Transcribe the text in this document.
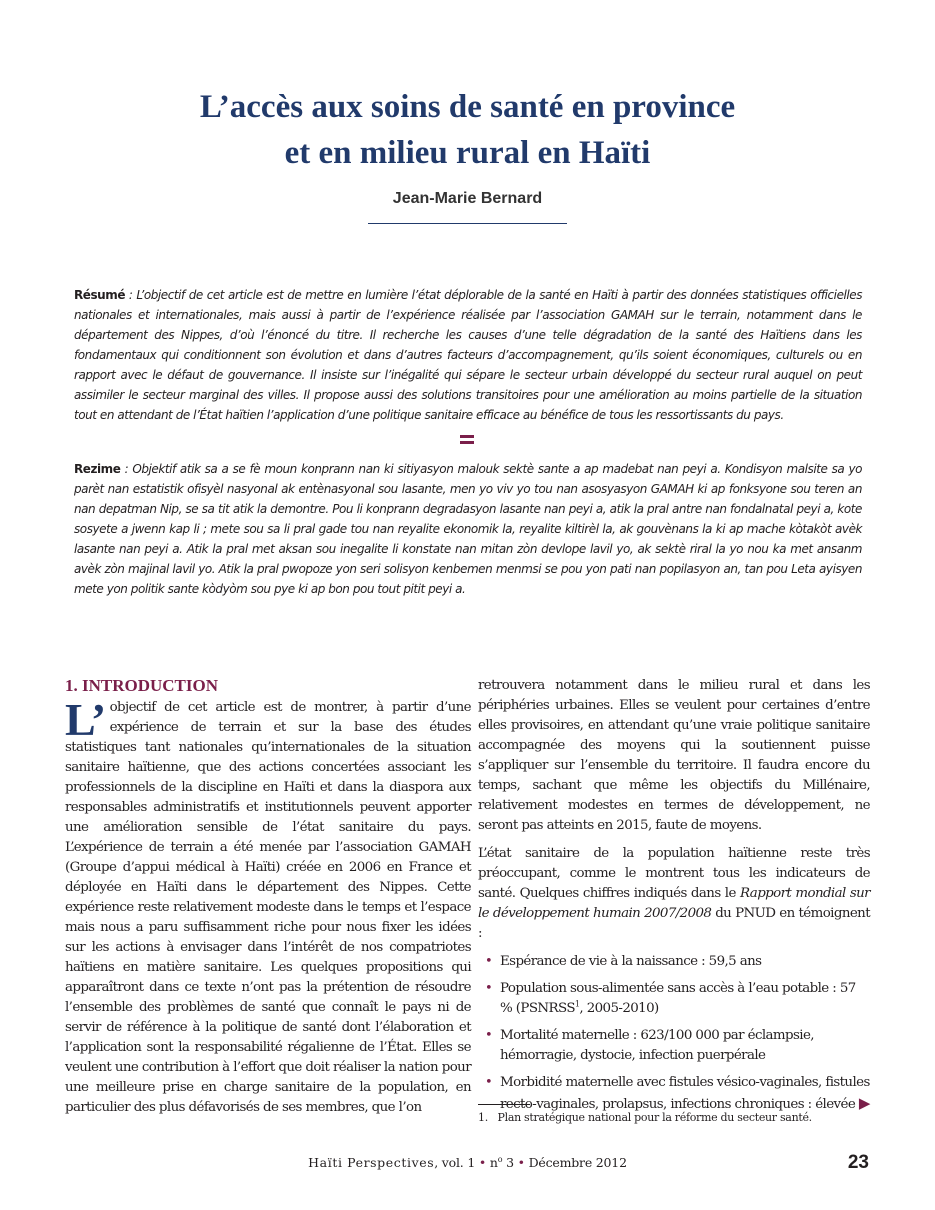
L’accès aux soins de santé en province
et en milieu rural en Haïti
Jean-Marie Bernard

Résumé : L’objectif de cet article est de mettre en lumière l’état déplorable de la santé en Haïti à partir des données statistiques officielles nationales et internationales, mais aussi à partir de l’expérience réalisée par l’association GAMAH sur le terrain, notamment dans le département des Nippes, d’où l’énoncé du titre. Il recherche les causes d’une telle dégradation de la santé des Haïtiens dans les fondamentaux qui conditionnent son évolution et dans d’autres facteurs d’accompagnement, qu’ils soient économiques, culturels ou en rapport avec le défaut de gouvernance. Il insiste sur l’inégalité qui sépare le secteur urbain développé du secteur rural auquel on peut assimiler le secteur marginal des villes. Il propose aussi des solutions transitoires pour une amélioration au moins partielle de la situation tout en attendant de l’État haïtien l’application d’une politique sanitaire efficace au bénéfice de tous les ressortissants du pays.

Rezime : Objektif atik sa a se fè moun konprann nan ki sitiyasyon malouk sektè sante a ap madebat nan peyi a. Kondisyon malsite sa yo parèt nan estatistik ofisyèl nasyonal ak entènasyonal sou lasante, men yo viv yo tou nan asosyasyon GAMAH ki ap fonksyone sou teren an nan depatman Nip, se sa tit atik la demontre. Pou li konprann degradasyon lasante nan peyi a, atik la pral antre nan fondalnatal peyi a, kote sosyete a jwenn kap li ; mete sou sa li pral gade tou nan reyalite ekonomik la, reyalite kiltirèl la, ak gouvènans la ki ap mache kòtakòt avèk lasante nan peyi a. Atik la pral met aksan sou inegalite li konstate nan mitan zòn devlope lavil yo, ak sektè riral la yo nou ka met ansanm avèk zòn majinal lavil yo. Atik la pral pwopoze yon seri solisyon kenbemen menmsi se pou yon pati nan popilasyon an, tan pou Leta ayisyen mete yon politik sante kòdyòm sou pye ki ap bon pou tout pitit peyi a.

1. INTRODUCTION

L’ objectif de cet article est de montrer, à partir d’une expérience de terrain et sur la base des études statistiques tant nationales qu’internationales de la situation sanitaire haïtienne, que des actions concertées associant les professionnels de la discipline en Haïti et dans la diaspora aux responsables administratifs et institutionnels peuvent apporter une amélioration sensible de l’état sanitaire du pays. L’expérience de terrain a été menée par l’association GAMAH (Groupe d’appui médical à Haïti) créée en 2006 en France et déployée en Haïti dans le département des Nippes. Cette expérience reste relativement modeste dans le temps et l’espace mais nous a paru suffisamment riche pour nous fixer les idées sur les actions à envisager dans l’intérêt de nos compatriotes haïtiens en matière sanitaire. Les quelques propositions qui apparaîtront dans ce texte n’ont pas la prétention de résoudre l’ensemble des problèmes de santé que connaît le pays ni de servir de référence à la politique de santé dont l’élaboration et l’application sont la responsabilité régalienne de l’État. Elles se veulent une contribution à l’effort que doit réaliser la nation pour une meilleure prise en charge sanitaire de la population, en particulier des plus défavorisés de ses membres, que l’on

retrouvera notamment dans le milieu rural et dans les périphéries urbaines. Elles se veulent pour certaines d’entre elles provisoires, en attendant qu’une vraie politique sanitaire accompagnée des moyens qui la soutiennent puisse s’appliquer sur l’ensemble du territoire. Il faudra encore du temps, sachant que même les objectifs du Millénaire, relativement modestes en termes de développement, ne seront pas atteints en 2015, faute de moyens.

L’état sanitaire de la population haïtienne reste très préoccupant, comme le montrent tous les indicateurs de santé. Quelques chiffres indiqués dans le Rapport mondial sur le développement humain 2007/2008 du PNUD en témoignent :

• Espérance de vie à la naissance : 59,5 ans
• Population sous-alimentée sans accès à l’eau potable : 57 % (PSNRSS$^1$, 2005-2010)
• Mortalité maternelle : 623/100 000 par éclampsie, hémorragie, dystocie, infection puerpérale
• Morbidité maternelle avec fistules vésico-vaginales, fistules recto-vaginales, prolapsus, infections chroniques : élevée ▶
1. Plan stratégique national pour la réforme du secteur santé.
Haïti Perspectives, vol. 1 • $n^o$ 3 • Décembre 2012	23
